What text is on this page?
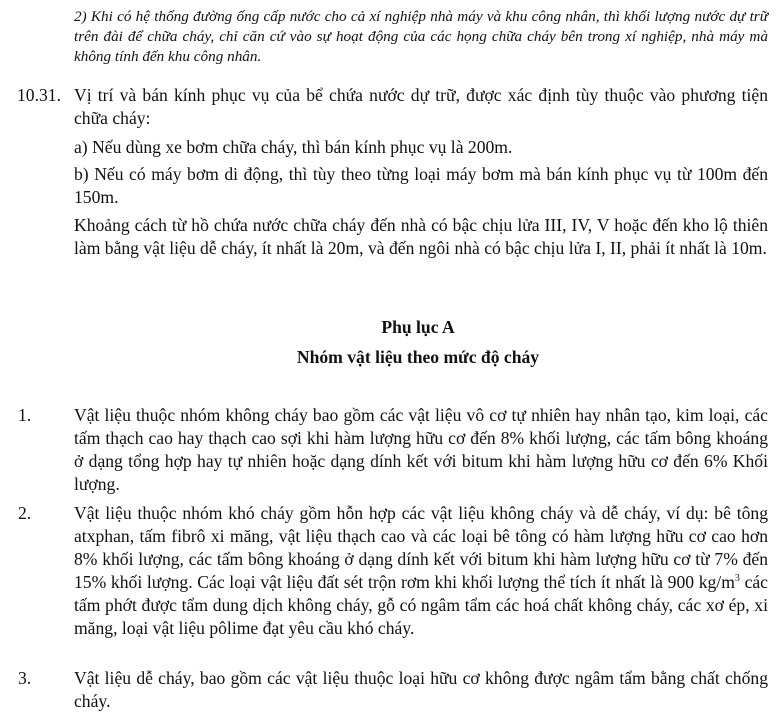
2) Khi có hệ thống đường ống cấp nước cho cả xí nghiệp nhà máy và khu công nhân, thì khối lượng nước dự trữ trên đài để chữa cháy, chỉ căn cứ vào sự hoạt động của các họng chữa cháy bên trong xí nghiệp, nhà máy mà không tính đến khu công nhân.
10.31. Vị trí và bán kính phục vụ của bể chứa nước dự trữ, được xác định tùy thuộc vào phương tiện chữa cháy:
a) Nếu dùng xe bơm chữa cháy, thì bán kính phục vụ là 200m.
b) Nếu có máy bơm di động, thì tùy theo từng loại máy bơm mà bán kính phục vụ từ 100m đến 150m.
Khoảng cách từ hồ chứa nước chữa cháy đến nhà có bậc chịu lửa III, IV, V hoặc đến kho lộ thiên làm bằng vật liệu dễ cháy, ít nhất là 20m, và đến ngôi nhà có bậc chịu lửa I, II, phải ít nhất là 10m.
Phụ lục A
Nhóm vật liệu theo mức độ cháy
1. Vật liệu thuộc nhóm không cháy bao gồm các vật liệu vô cơ tự nhiên hay nhân tạo, kim loại, các tấm thạch cao hay thạch cao sợi khi hàm lượng hữu cơ đến 8% khối lượng, các tấm bông khoáng ở dạng tổng hợp hay tự nhiên hoặc dạng dính kết với bitum khi hàm lượng hữu cơ đến 6% Khối lượng.
2. Vật liệu thuộc nhóm khó cháy gồm hỗn hợp các vật liệu không cháy và dễ cháy, ví dụ: bê tông atxphan, tấm fibrô xi măng, vật liệu thạch cao và các loại bê tông có hàm lượng hữu cơ cao hơn 8% khối lượng, các tấm bông khoáng ở dạng dính kết với bitum khi hàm lượng hữu cơ từ 7% đến 15% khối lượng. Các loại vật liệu đất sét trộn rơm khi khối lượng thể tích ít nhất là 900 $kg/m^3$ các tấm phớt được tẩm dung dịch không cháy, gỗ có ngâm tẩm các hoá chất không cháy, các xơ ép, xi măng, loại vật liệu pôlime đạt yêu cầu khó cháy.
3. Vật liệu dễ cháy, bao gồm các vật liệu thuộc loại hữu cơ không được ngâm tẩm bằng chất chống cháy.
